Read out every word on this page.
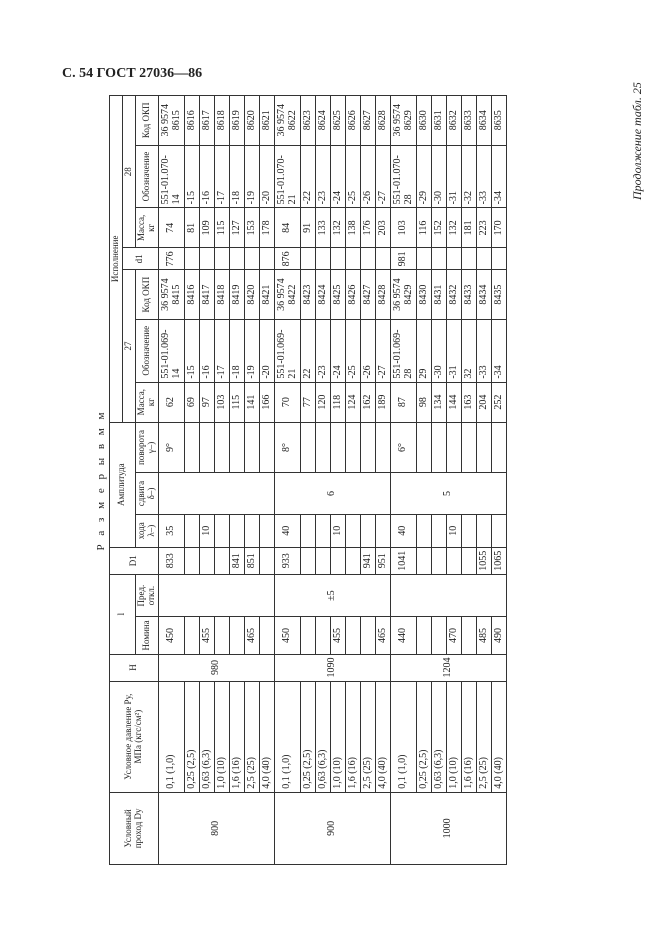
С. 54 ГОСТ 27036—86
Продолжение табл. 25
Р а з м е р ы в м м
Условный проход Dу	Условное давление Pу, МПа (кгс/см²)	H	l		D1	Амплитуда			Исполнение						
									27			d1	28		
			Номина	Пред. откл.		хода λ–)	сдвига δ–)	поворота γ–)	Масса, кг	Обозначение	Код ОКП		Масса, кг	Обозначение	Код ОКП
800	0,1 (1,0)	980	450		833	35		9°	62	551-01.069-14	36 9574 8415	776	74	551-01.070-14	36 9574 8615
	0,25 (2,5)								69	-15	8416		81	-15	8616
	0,63 (6,3)		455			10			97	-16	8417		109	-16	8617
	1,0 (10)								103	-17	8418		115	-17	8618
	1,6 (16)				841				115	-18	8419		127	-18	8619
	2,5 (25)		465		851				141	-19	8420		153	-19	8620
	4,0 (40)								166	-20	8421		178	-20	8621
900	0,1 (1,0)	1090	450	±5	933	40	6	8°	70	551-01.069-21	36 9574 8422	876	84	551-01.070-21	36 9574 8622
	0,25 (2,5)								77	22	8423		91	-22	8623
	0,63 (6,3)								120	-23	8424		133	-23	8624
	1,0 (10)		455			10			118	-24	8425		132	-24	8625
	1,6 (16)								124	-25	8426		138	-25	8626
	2,5 (25)				941				162	-26	8427		176	-26	8627
	4,0 (40)		465		951				189	-27	8428		203	-27	8628
1000	0,1 (1,0)	1204	440		1041	40	5	6°	87	551-01.069-28	36 9574 8429	981	103	551-01.070-28	36 9574 8629
	0,25 (2,5)								98	29	8430		116	-29	8630
	0,63 (6,3)								134	-30	8431		152	-30	8631
	1,0 (10)		470			10			144	-31	8432		132	-31	8632
	1,6 (16)								163	32	8433		181	-32	8633
	2,5 (25)		485		1055				204	-33	8434		223	-33	8634
	4,0 (40)		490		1065				252	-34	8435		170	-34	8635
